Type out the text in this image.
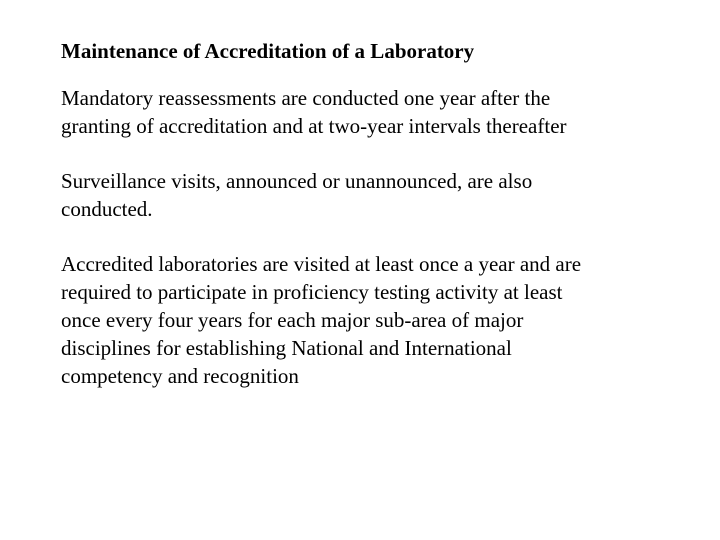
Maintenance of Accreditation of a Laboratory
Mandatory reassessments are conducted one year after the
granting of accreditation and at two-year intervals thereafter
Surveillance visits, announced or unannounced, are also
conducted.
Accredited laboratories are visited at least once a year and are
required to participate in proficiency testing activity at least
once every four years for each major sub-area of major
disciplines for establishing National and International
competency and recognition
